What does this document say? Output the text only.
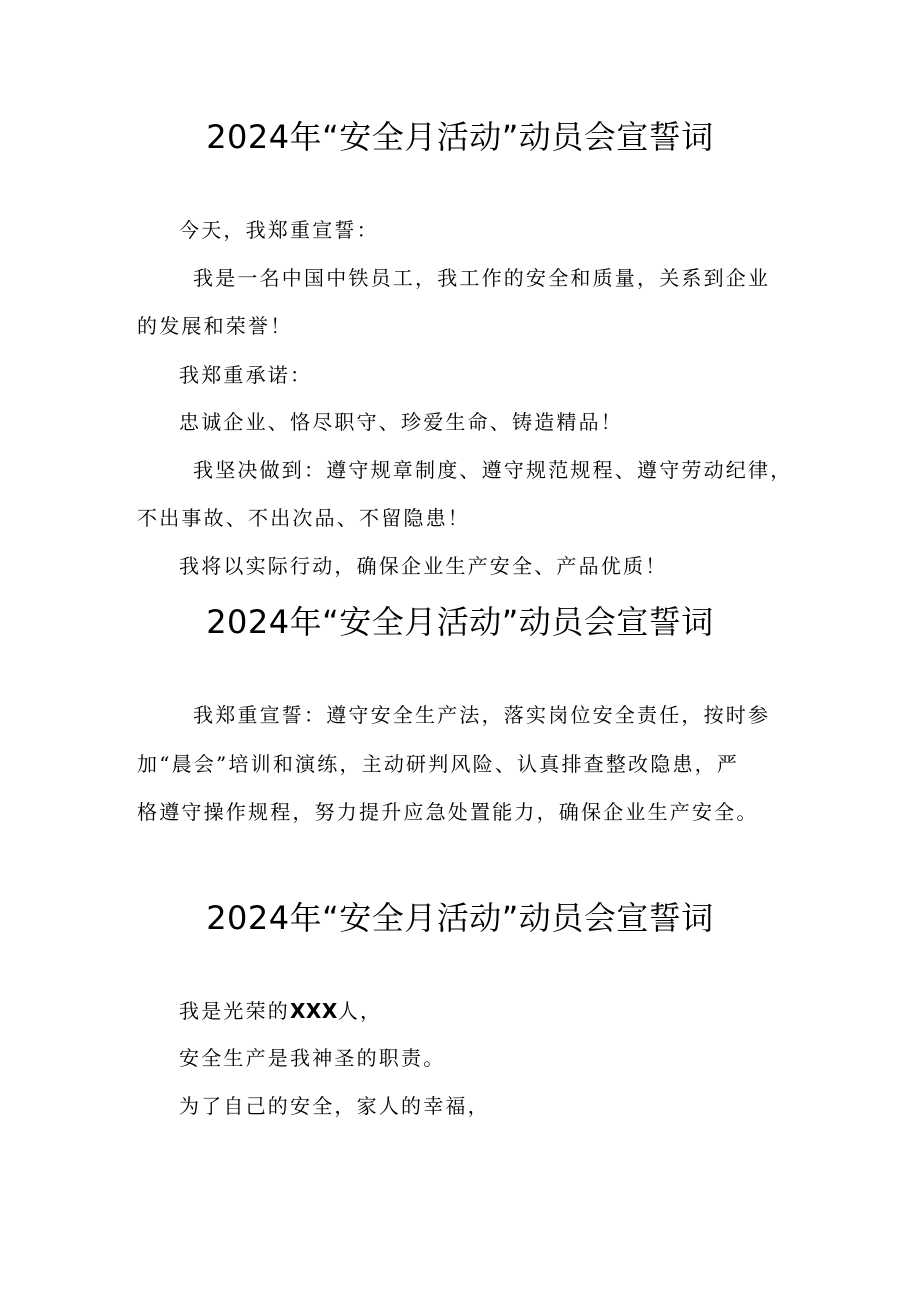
2024年“安全月活动”动员会宣誓词
今天，我郑重宣誓：
我是一名中国中铁员工，我工作的安全和质量，关系到企业
的发展和荣誉！
我郑重承诺：
忠诚企业、恪尽职守、珍爱生命、铸造精品！
我坚决做到：遵守规章制度、遵守规范规程、遵守劳动纪律，
不出事故、不出次品、不留隐患！
我将以实际行动，确保企业生产安全、产品优质！
2024年“安全月活动”动员会宣誓词
我郑重宣誓：遵守安全生产法，落实岗位安全责任，按时参
加“晨会”培训和演练，主动研判风险、认真排查整改隐患，严
格遵守操作规程，努力提升应急处置能力，确保企业生产安全。
2024年“安全月活动”动员会宣誓词
我是光荣的XXX人，
安全生产是我神圣的职责。
为了自己的安全，家人的幸福，
